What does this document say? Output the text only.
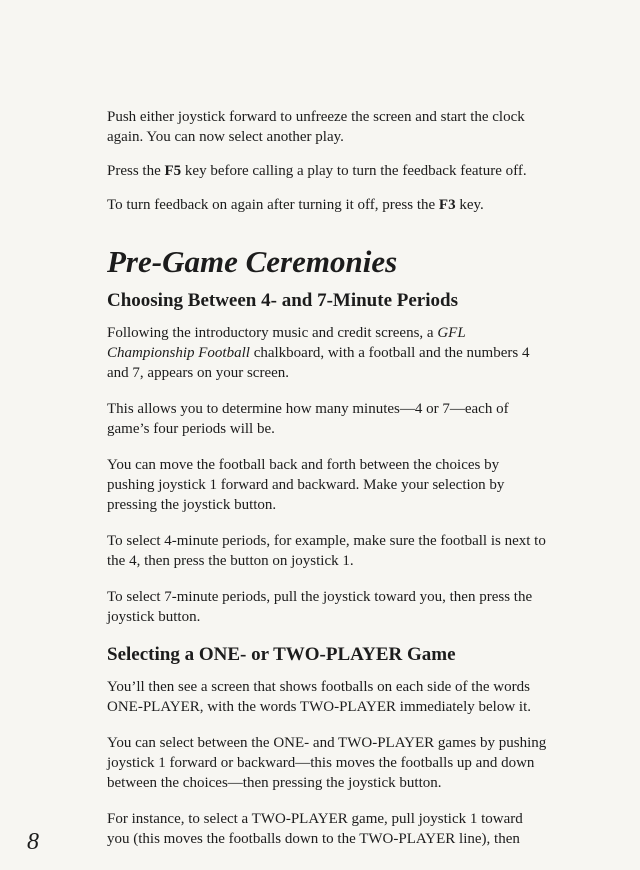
Push either joystick forward to unfreeze the screen and start the clock again. You can now select another play.

Press the F5 key before calling a play to turn the feedback feature off.

To turn feedback on again after turning it off, press the F3 key.

Pre-Game Ceremonies
Choosing Between 4- and 7-Minute Periods

Following the introductory music and credit screens, a GFL Championship Football chalkboard, with a football and the numbers 4 and 7, appears on your screen.

This allows you to determine how many minutes—4 or 7—each of game’s four periods will be.

You can move the football back and forth between the choices by pushing joystick 1 forward and backward. Make your selection by pressing the joystick button.

To select 4-minute periods, for example, make sure the football is next to the 4, then press the button on joystick 1.

To select 7-minute periods, pull the joystick toward you, then press the joystick button.

Selecting a ONE- or TWO-PLAYER Game

You’ll then see a screen that shows footballs on each side of the words ONE-PLAYER, with the words TWO-PLAYER immediately below it.

You can select between the ONE- and TWO-PLAYER games by pushing joystick 1 forward or backward—this moves the footballs up and down between the choices—then pressing the joystick button.

For instance, to select a TWO-PLAYER game, pull joystick 1 toward you (this moves the footballs down to the TWO-PLAYER line), then

8
